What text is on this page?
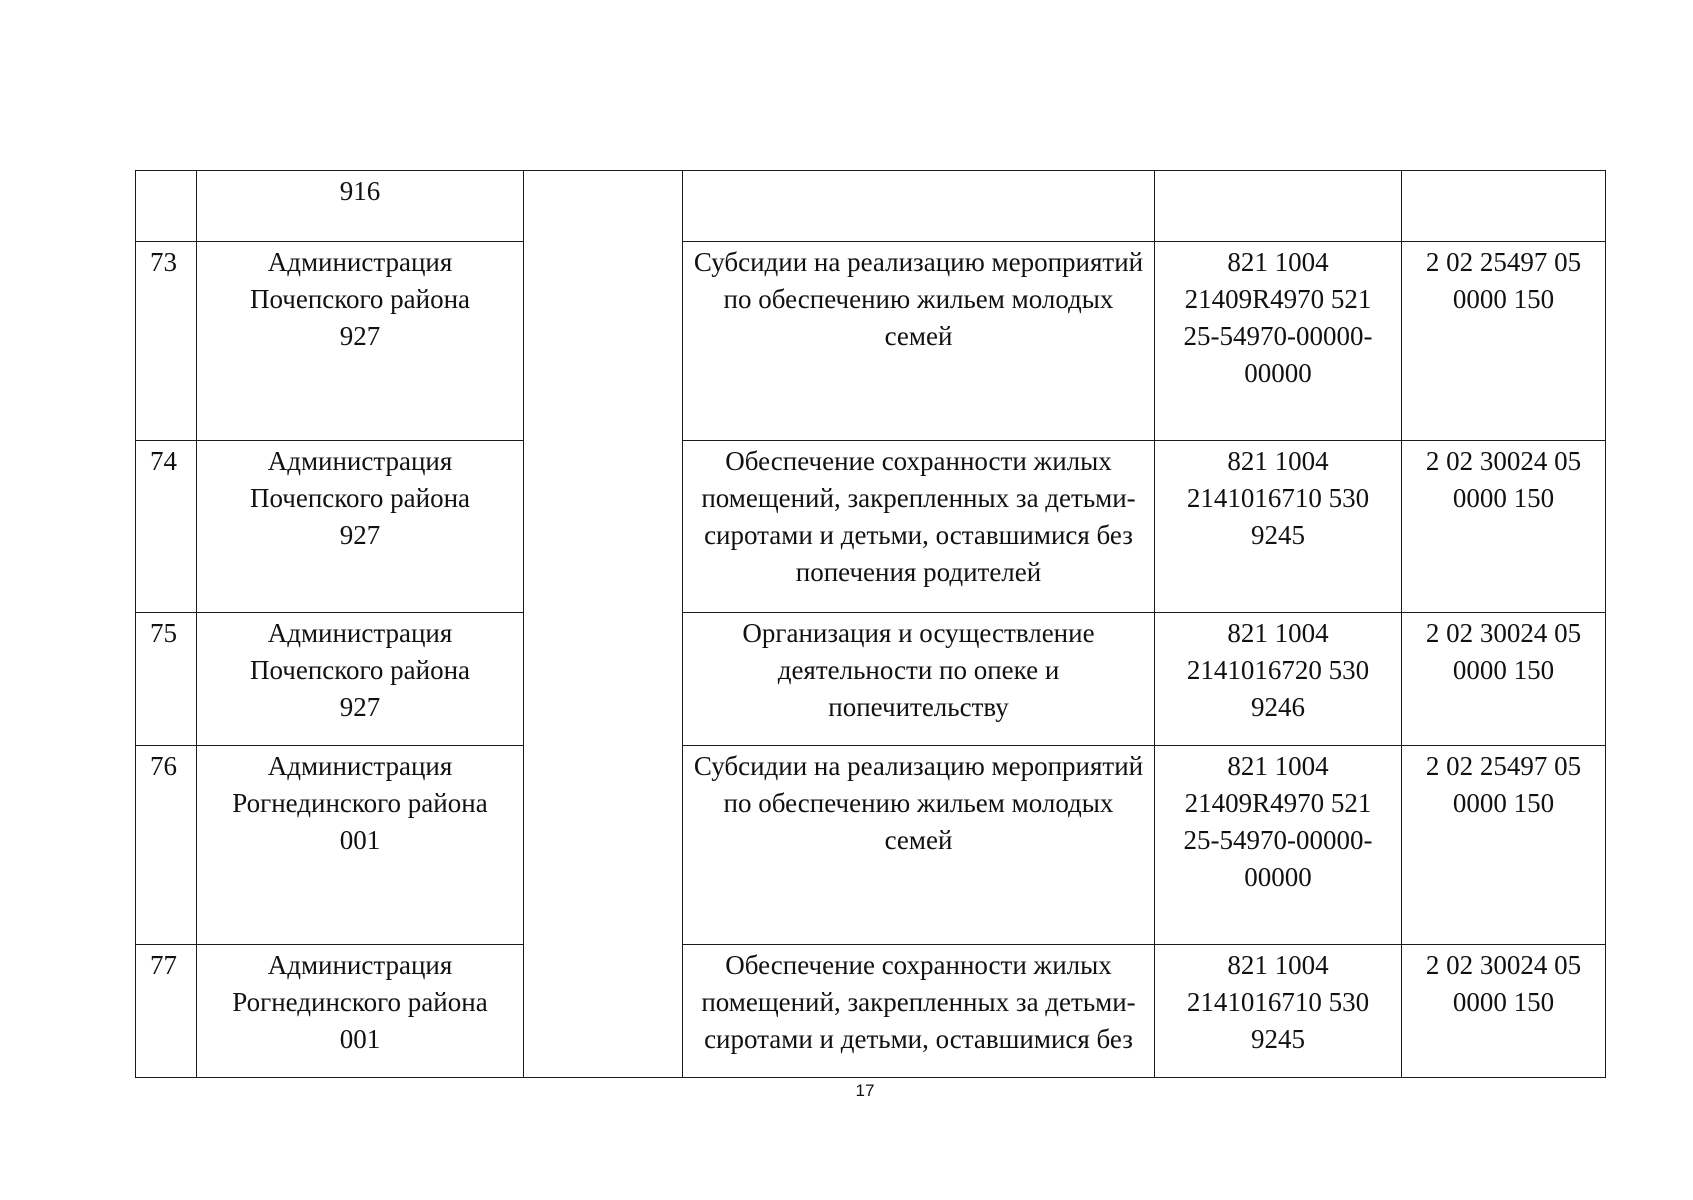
	916				

73	Администрация
Почепского района
927		Субсидии на реализацию мероприятий
по обеспечению жильем молодых
семей	821 1004
21409R4970 521
25-54970-00000-
00000	2 02 25497 05
0000 150

74	Администрация
Почепского района
927		Обеспечение сохранности жилых
помещений, закрепленных за детьми-
сиротами и детьми, оставшимися без
попечения родителей	821 1004
2141016710 530
9245	2 02 30024 05
0000 150

75	Администрация
Почепского района
927		Организация и осуществление
деятельности по опеке и
попечительству	821 1004
2141016720 530
9246	2 02 30024 05
0000 150

76	Администрация
Рогнединского района
001		Субсидии на реализацию мероприятий
по обеспечению жильем молодых
семей	821 1004
21409R4970 521
25-54970-00000-
00000	2 02 25497 05
0000 150

77	Администрация
Рогнединского района
001		Обеспечение сохранности жилых
помещений, закрепленных за детьми-
сиротами и детьми, оставшимися без	821 1004
2141016710 530
9245	2 02 30024 05
0000 150
17
